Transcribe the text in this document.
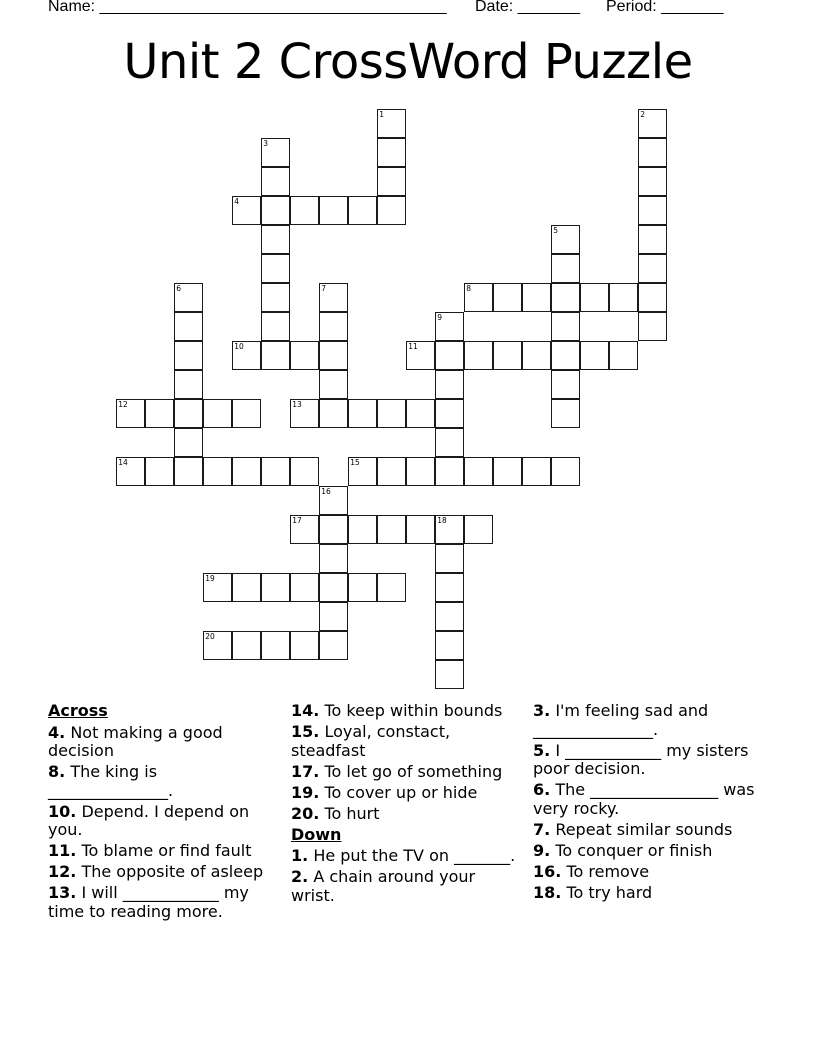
Name: _______________________________________ Date: _______ Period: _______
Unit 2 CrossWord Puzzle
1	2
3
4
5
6	7	8
9
10	11
12	13
14	15
16
17	18
19
20
Across
4. Not making a good decision
8. The king is _______________.
10. Depend. I depend on you.
11. To blame or find fault
12. The opposite of asleep
13. I will ____________ my time to reading more.
14. To keep within bounds
15. Loyal, constact, steadfast
17. To let go of something
19. To cover up or hide
20. To hurt
Down
1. He put the TV on _______.
2. A chain around your wrist.
3. I'm feeling sad and _______________.
5. I ____________ my sisters poor decision.
6. The ________________ was very rocky.
7. Repeat similar sounds
9. To conquer or finish
16. To remove
18. To try hard
